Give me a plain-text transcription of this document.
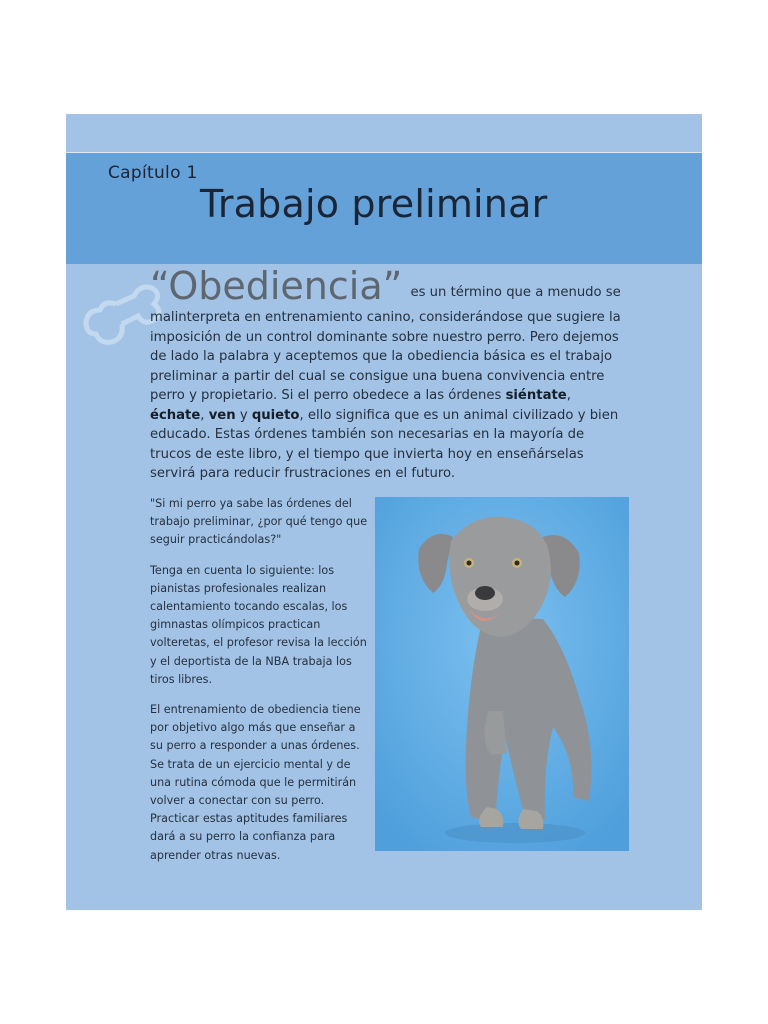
Capítulo 1
Trabajo preliminar
“Obediencia” es un término que a menudo se malinterpreta en entrenamiento canino, considerándose que sugiere la imposición de un control dominante sobre nuestro perro. Pero dejemos de lado la palabra y aceptemos que la obediencia básica es el trabajo preliminar a partir del cual se consigue una buena convivencia entre perro y propietario. Si el perro obedece a las órdenes siéntate, échate, ven y quieto, ello significa que es un animal civilizado y bien educado. Estas órdenes también son necesarias en la mayoría de trucos de este libro, y el tiempo que invierta hoy en enseñárselas servirá para reducir frustraciones en el futuro.

"Si mi perro ya sabe las órdenes del trabajo preliminar, ¿por qué tengo que seguir practicándolas?"

Tenga en cuenta lo siguiente: los pianistas profesionales realizan calentamiento tocando escalas, los gimnastas olímpicos practican volteretas, el profesor revisa la lección y el deportista de la NBA trabaja los tiros libres.

El entrenamiento de obediencia tiene por objetivo algo más que enseñar a su perro a responder a unas órdenes. Se trata de un ejercicio mental y de una rutina cómoda que le permitirán volver a conectar con su perro. Practicar estas aptitudes familiares dará a su perro la confianza para aprender otras nuevas.
